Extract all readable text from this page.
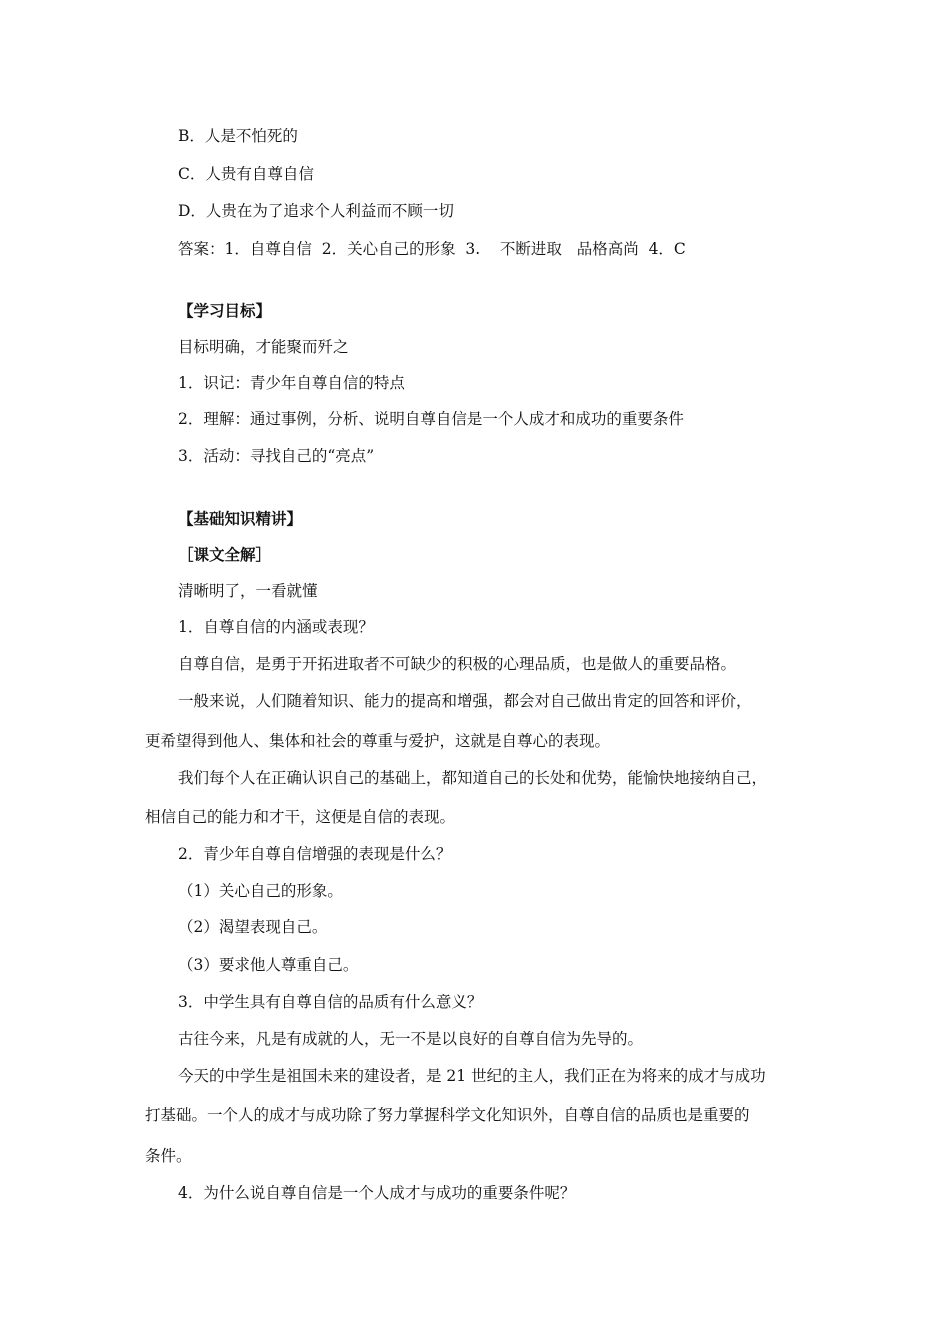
B．人是不怕死的
C．人贵有自尊自信
D．人贵在为了追求个人利益而不顾一切
答案：1．自尊自信  2．关心自己的形象  3.    不断进取   品格高尚  4．C
【学习目标】
目标明确，才能聚而歼之
1．识记：青少年自尊自信的特点
2．理解：通过事例，分析、说明自尊自信是一个人成才和成功的重要条件
3．活动：寻找自己的“亮点”
【基础知识精讲】
［课文全解］
清晰明了，一看就懂
1．自尊自信的内涵或表现？
自尊自信，是勇于开拓进取者不可缺少的积极的心理品质，也是做人的重要品格。
一般来说，人们随着知识、能力的提高和增强，都会对自己做出肯定的回答和评价，
更希望得到他人、集体和社会的尊重与爱护，这就是自尊心的表现。
我们每个人在正确认识自己的基础上，都知道自己的长处和优势，能愉快地接纳自己，
相信自己的能力和才干，这便是自信的表现。
2．青少年自尊自信增强的表现是什么？
（1）关心自己的形象。
（2）渴望表现自己。
（3）要求他人尊重自己。
3．中学生具有自尊自信的品质有什么意义？
古往今来，凡是有成就的人，无一不是以良好的自尊自信为先导的。
今天的中学生是祖国未来的建设者，是 21 世纪的主人，我们正在为将来的成才与成功
打基础。一个人的成才与成功除了努力掌握科学文化知识外，自尊自信的品质也是重要的
条件。
4．为什么说自尊自信是一个人成才与成功的重要条件呢？
